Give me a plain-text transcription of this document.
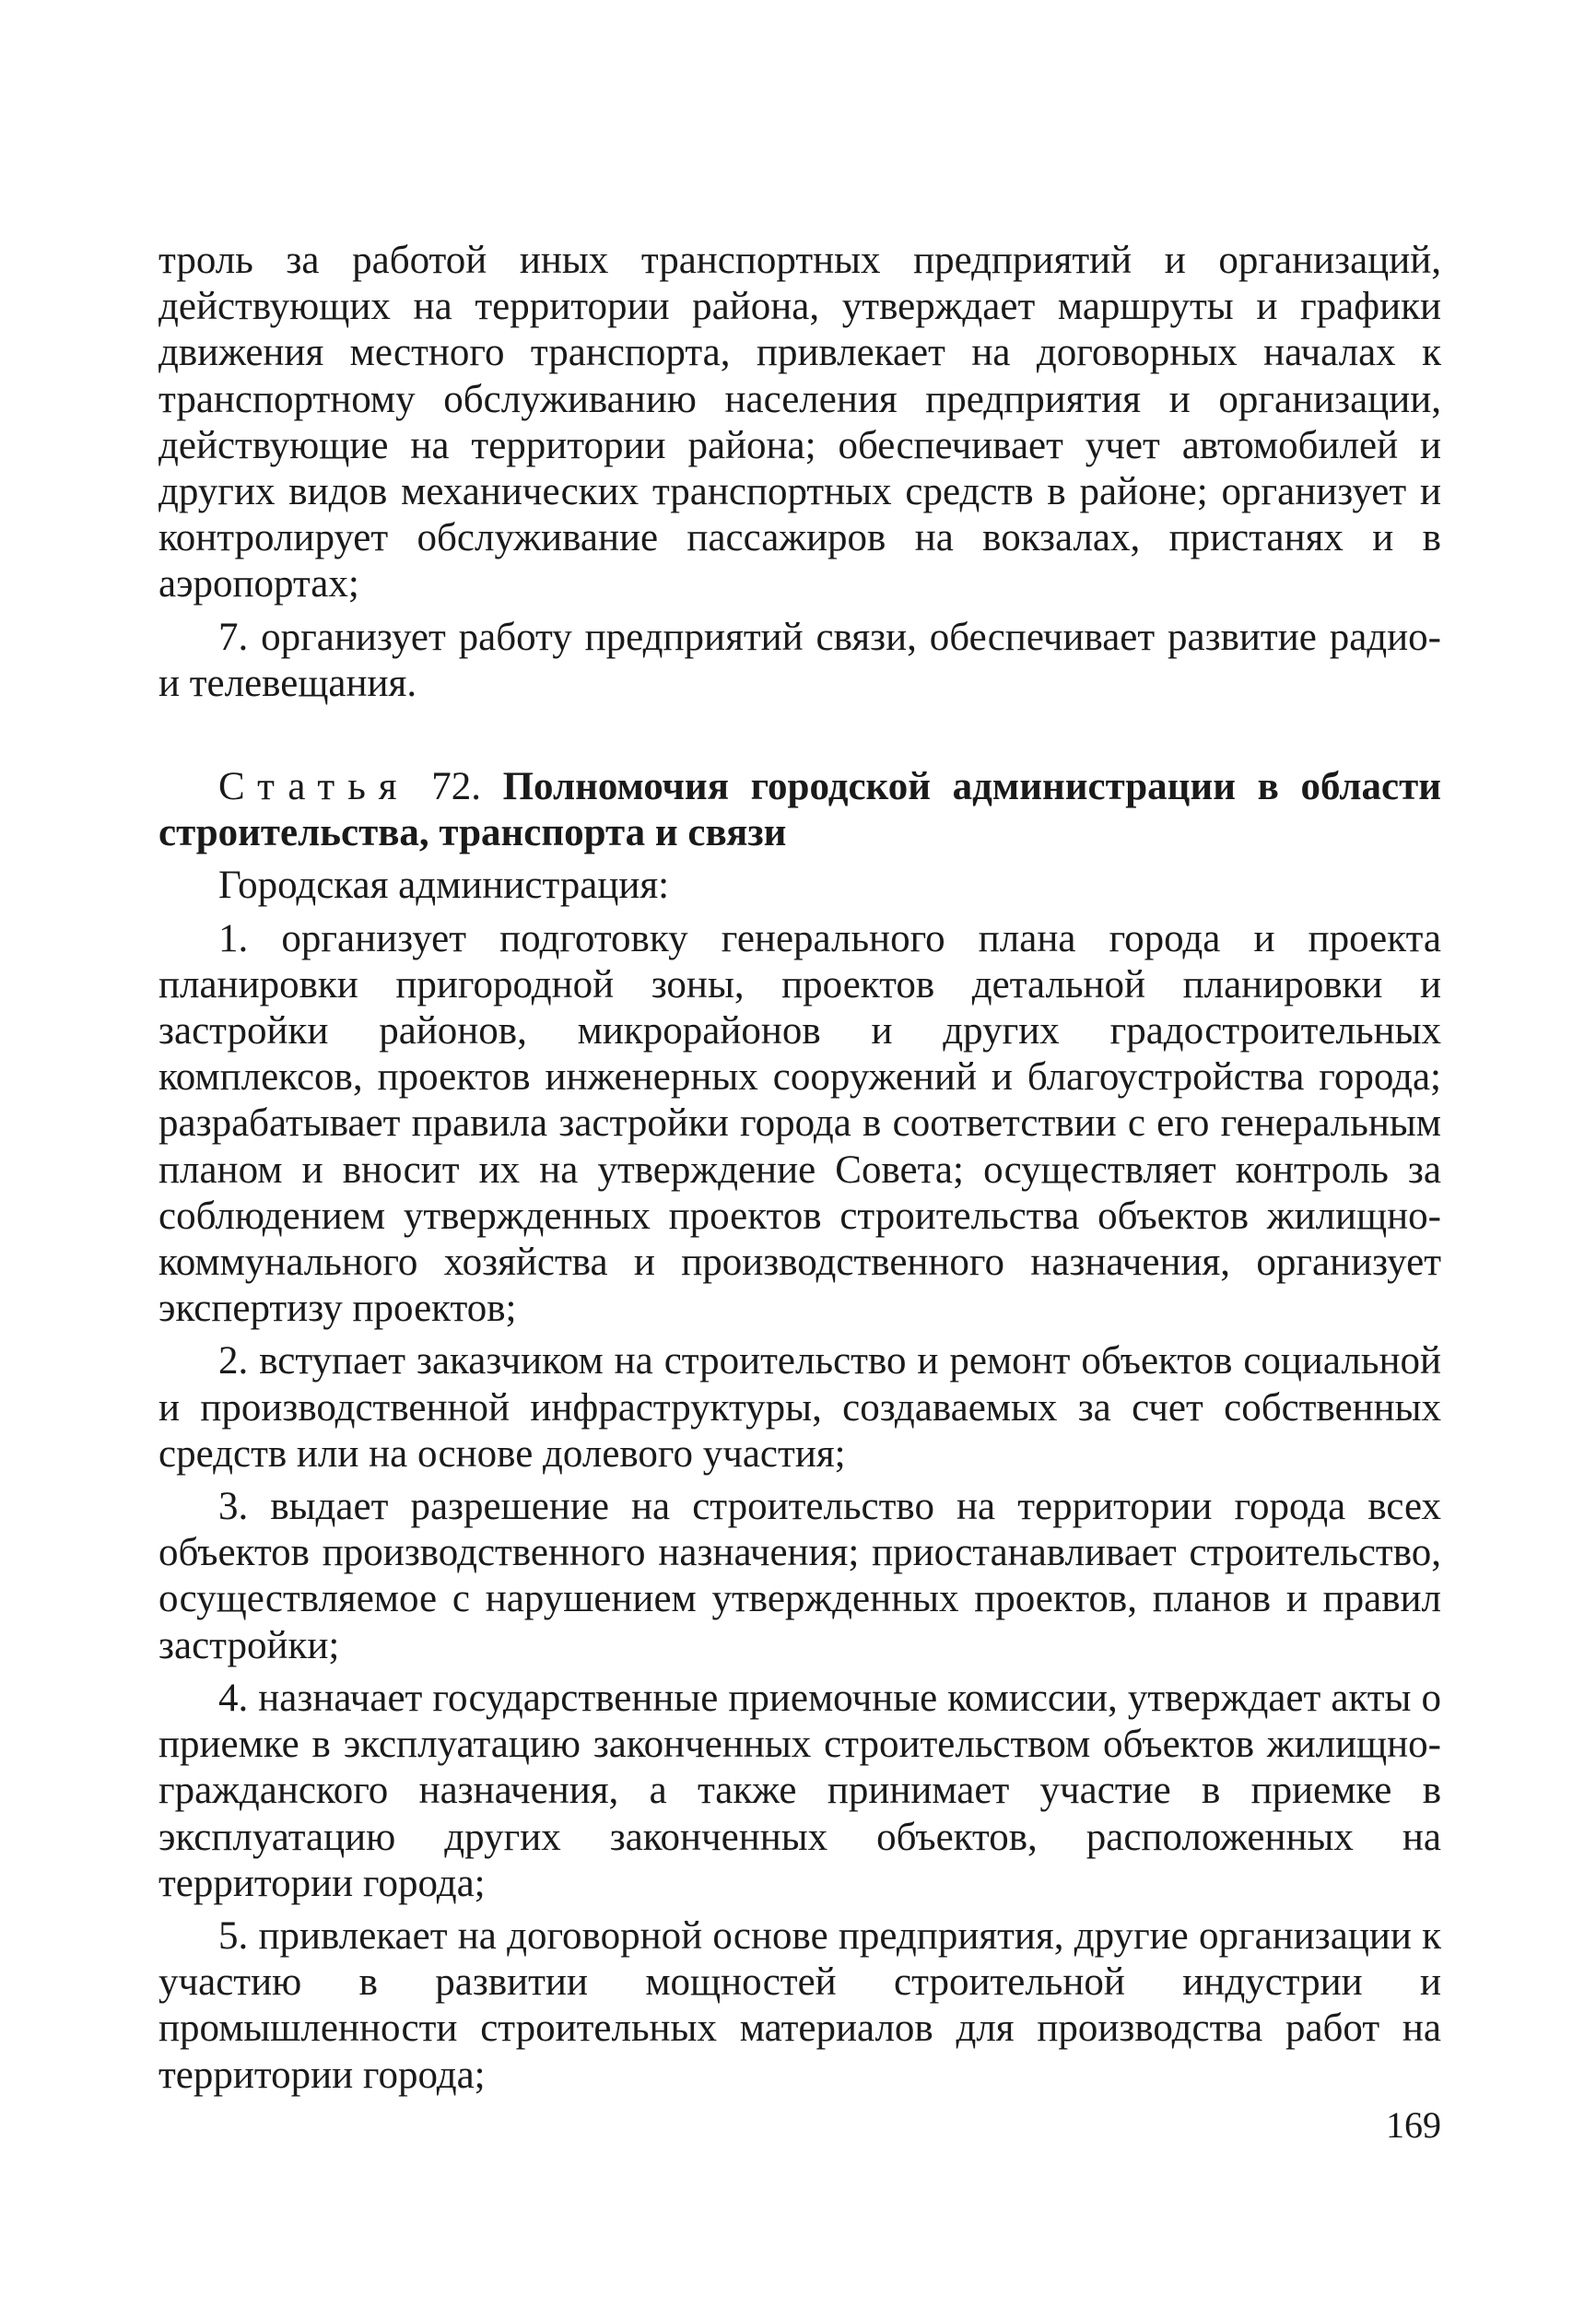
троль за работой иных транспортных предприятий и организаций, действующих на территории района, утверждает маршруты и графики движения местного транспорта, привлекает на договорных началах к транспортному обслуживанию населения предприятия и организации, действующие на территории района; обеспечивает учет автомобилей и других видов механических транспортных средств в районе; организует и контролирует обслуживание пассажиров на вокзалах, пристанях и в аэропортах;

7. организует работу предприятий связи, обеспечивает развитие радио- и телевещания.

Статья 72. Полномочия городской администрации в области строительства, транспорта и связи

Городская администрация:

1. организует подготовку генерального плана города и проекта планировки пригородной зоны, проектов детальной планировки и застройки районов, микрорайонов и других градостроительных комплексов, проектов инженерных сооружений и благоустройства города; разрабатывает правила застройки города в соответствии с его генеральным планом и вносит их на утверждение Совета; осуществляет контроль за соблюдением утвержденных проектов строительства объектов жилищно-коммунального хозяйства и производственного назначения, организует экспертизу проектов;

2. вступает заказчиком на строительство и ремонт объектов социальной и производственной инфраструктуры, создаваемых за счет собственных средств или на основе долевого участия;

3. выдает разрешение на строительство на территории города всех объектов производственного назначения; приостанавливает строительство, осуществляемое с нарушением утвержденных проектов, планов и правил застройки;

4. назначает государственные приемочные комиссии, утверждает акты о приемке в эксплуатацию законченных строительством объектов жилищно-гражданского назначения, а также принимает участие в приемке в эксплуатацию других законченных объектов, расположенных на территории города;

5. привлекает на договорной основе предприятия, другие организации к участию в развитии мощностей строительной индустрии и промышленности строительных материалов для производства работ на территории города;

169
